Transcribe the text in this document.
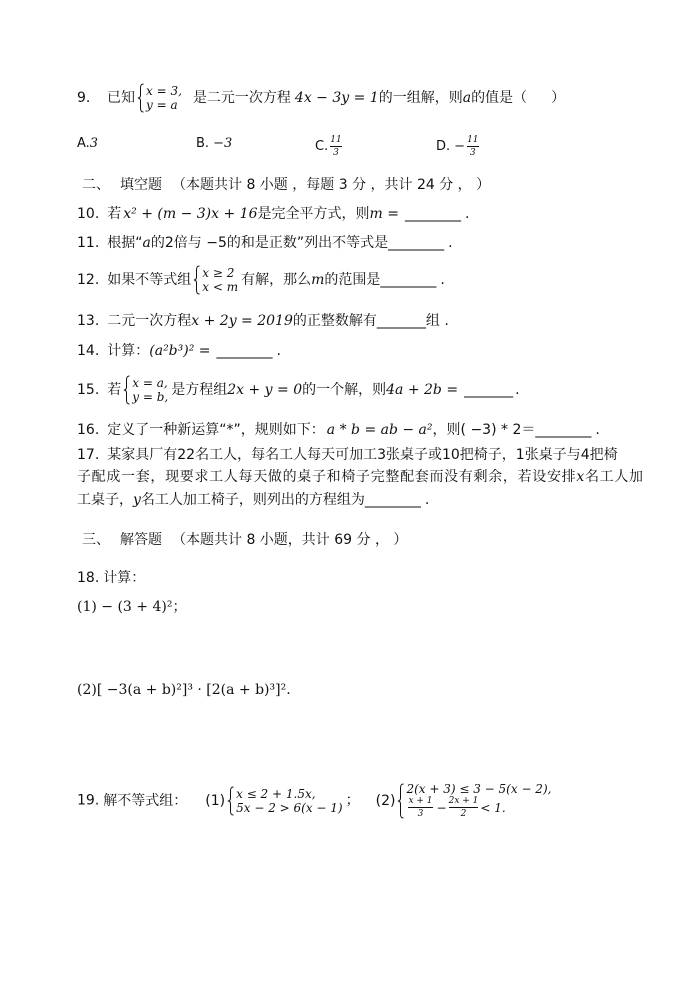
9. 已知 x = 3,
y = a	是二元一次方程 4x − 3y = 1的一组解，则a的值是（ ）
A.3	B. −3	C. $\frac{11}{3}$	D. − $\frac{11}{3}$
二、 填空题 （本题共计 8 小题 ，每题 3 分 ，共计 24 分 ， ）
10. 若 x² + (m − 3)x + 16是完全平方式，则m = ________ .
11. 根据“a的2倍与 −5的和是正数”列出不等式是________ .
12. 如果不等式组 x ≥ 2
x < m 有解，那么m的范围是________ .
13. 二元一次方程x + 2y = 2019的正整数解有_______组 .
14. 计算：(a²b³)² = ________ .
15. 若 x = a,
y = b, 是方程组2x + y = 0的一个解，则4a + 2b = _______ .
16. 定义了一种新运算“*”，规则如下： a * b = ab − a²，则( −3) * 2＝________ .
17. 某家具厂有22名工人，每名工人每天可加工3张桌子或10把椅子，1张桌子与4把椅
子配成一套，现要求工人每天做的桌子和椅子完整配套而没有剩余，若设安排x名工人加
工桌子，y名工人加工椅子，则列出的方程组为________ .
三、 解答题 （本题共计 8 小题，共计 69 分 ， ）
18. 计算：
(1) − (3 + 4)²；
(2)[ −3(a + b)²]³ · [2(a + b)³]².
19. 解不等式组： (1) x ≤ 2 + 1.5x,
5x − 2 > 6(x − 1) ； (2)
2(x + 3) ≤ 3 − 5(x − 2),
$\frac{x + 1}{3} - \frac{2x + 1}{2} < 1$.
